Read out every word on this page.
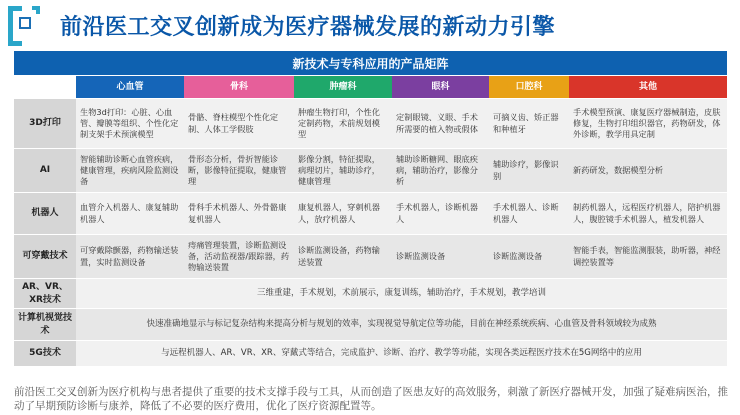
前沿医工交叉创新成为医疗器械发展的新动力引擎
新技术与专科应用的产品矩阵
	心血管	骨科	肿瘤科	眼科	口腔科	其他
3D打印	生物3d打印：心脏、心血管、瓣膜等组织、个性化定制支架手术预演模型	骨骼、脊柱模型个性化定制、人体工学假肢	肿瘤生物打印，个性化定制药物，术前规划模型	定制眼镜、义眼、手术所需要的植入物或假体	可摘义齿、矫正器和种植牙	手术模型预演、康复医疗器械制造，皮肤修复，生物打印组织器官，药物研发，体外诊断，教学用具定制
AI	智能辅助诊断心血管疾病，健康管理，疾病风险监测设备	骨形态分析，骨折智能诊断，影像特征提取，健康管理	影像分割，特征提取，病理切片，辅助诊疗，健康管理	辅助诊断糖网、眼底疾病，辅助治疗，影像分析	辅助诊疗，影像识别	新药研发，数据模型分析
机器人	血管介入机器人、康复辅助机器人	骨科手术机器人、外骨骼康复机器人	康复机器人，穿刺机器人，放疗机器人	手术机器人，诊断机器人	手术机器人、诊断机器人	制药机器人，远程医疗机器人，陪护机器人，腹腔镜手术机器人，植发机器人
可穿戴技术	可穿戴除颤器，药物输送装置，实时监测设备	痔痛管理装置，诊断监测设备，活动监视器/跟踪器，药物输送装置	诊断监测设备，药物输送装置	诊断监测设备	诊断监测设备	智能手表，智能监测服装，助听器，神经调控装置等
AR、VR、XR技术	三维重建，手术规划，术前展示，康复训练，辅助治疗，手术规划，教学培训					
计算机视觉技术	快速准确地显示与标记复杂结构来提高分析与规划的效率，实现视觉导航定位等功能，目前在神经系统疾病、心血管及骨科领域较为成熟					
5G技术	与远程机器人、AR、VR、XR、穿戴式等结合，完成监护、诊断、治疗、教学等功能，实现各类远程医疗技术在5G网络中的应用					
前沿医工交叉创新为医疗机构与患者提供了重要的技术支撑手段与工具，从而创造了医患友好的高效服务，刺激了新医疗器械开发，加强了疑难病医治，推动了早期预防诊断与康养，降低了不必要的医疗费用，优化了医疗资源配置等。
